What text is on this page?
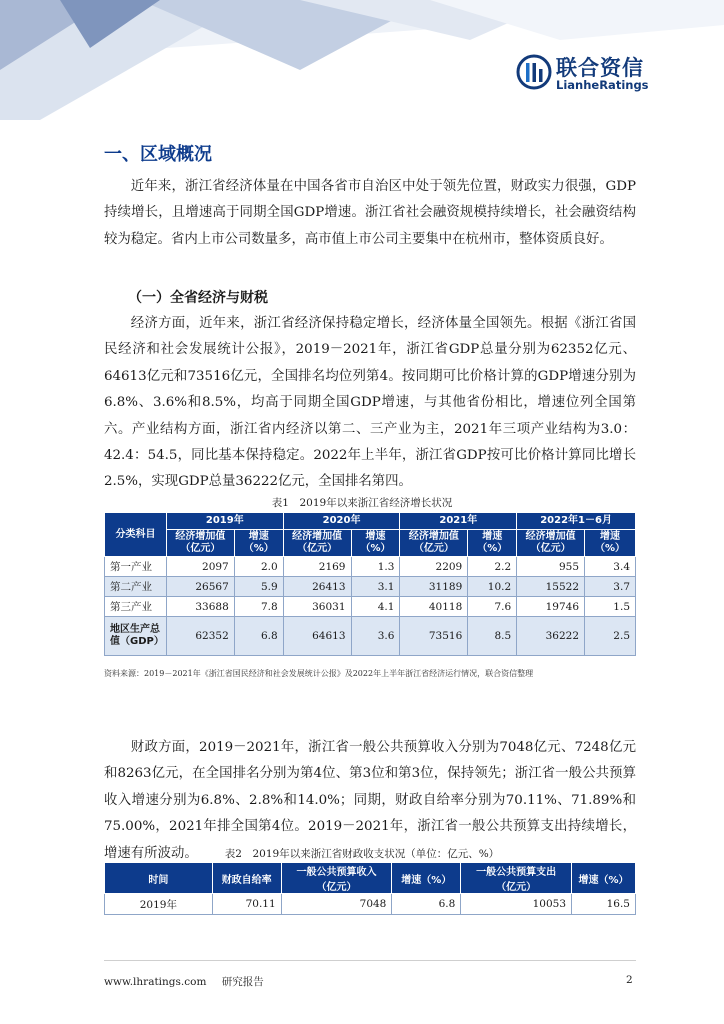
联合资信
LianheRatings
一、区域概况
近年来，浙江省经济体量在中国各省市自治区中处于领先位置，财政实力很强，GDP持续增长，且增速高于同期全国GDP增速。浙江省社会融资规模持续增长，社会融资结构较为稳定。省内上市公司数量多，高市值上市公司主要集中在杭州市，整体资质良好。
（一）全省经济与财税
经济方面，近年来，浙江省经济保持稳定增长，经济体量全国领先。根据《浙江省国民经济和社会发展统计公报》，2019－2021年，浙江省GDP总量分别为62352亿元、64613亿元和73516亿元，全国排名均位列第4。按同期可比价格计算的GDP增速分别为6.8%、3.6%和8.5%，均高于同期全国GDP增速，与其他省份相比，增速位列全国第六。产业结构方面，浙江省内经济以第二、三产业为主，2021年三项产业结构为3.0：42.4：54.5，同比基本保持稳定。2022年上半年，浙江省GDP按可比价格计算同比增长2.5%，实现GDP总量36222亿元，全国排名第四。
表1　2019年以来浙江省经济增长状况
分类科目	2019年		2020年		2021年		2022年1－6月	
	经济增加值（亿元）	增速（%）	经济增加值（亿元）	增速（%）	经济增加值（亿元）	增速（%）	经济增加值（亿元）	增速（%）
第一产业	2097	2.0	2169	1.3	2209	2.2	955	3.4
第二产业	26567	5.9	26413	3.1	31189	10.2	15522	3.7
第三产业	33688	7.8	36031	4.1	40118	7.6	19746	1.5
地区生产总值（GDP）	62352	6.8	64613	3.6	73516	8.5	36222	2.5
资料来源：2019－2021年《浙江省国民经济和社会发展统计公报》及2022年上半年浙江省经济运行情况，联合资信整理
财政方面，2019－2021年，浙江省一般公共预算收入分别为7048亿元、7248亿元和8263亿元，在全国排名分别为第4位、第3位和第3位，保持领先；浙江省一般公共预算收入增速分别为6.8%、2.8%和14.0%；同期，财政自给率分别为70.11%、71.89%和75.00%，2021年排全国第4位。2019－2021年，浙江省一般公共预算支出持续增长，增速有所波动。	表2　2019年以来浙江省财政收支状况（单位：亿元、%）
时间	财政自给率	一般公共预算收入（亿元）	增速（%）	一般公共预算支出（亿元）	增速（%）
2019年	70.11	7048	6.8	10053	16.5
www.lhratings.com 研究报告	2
